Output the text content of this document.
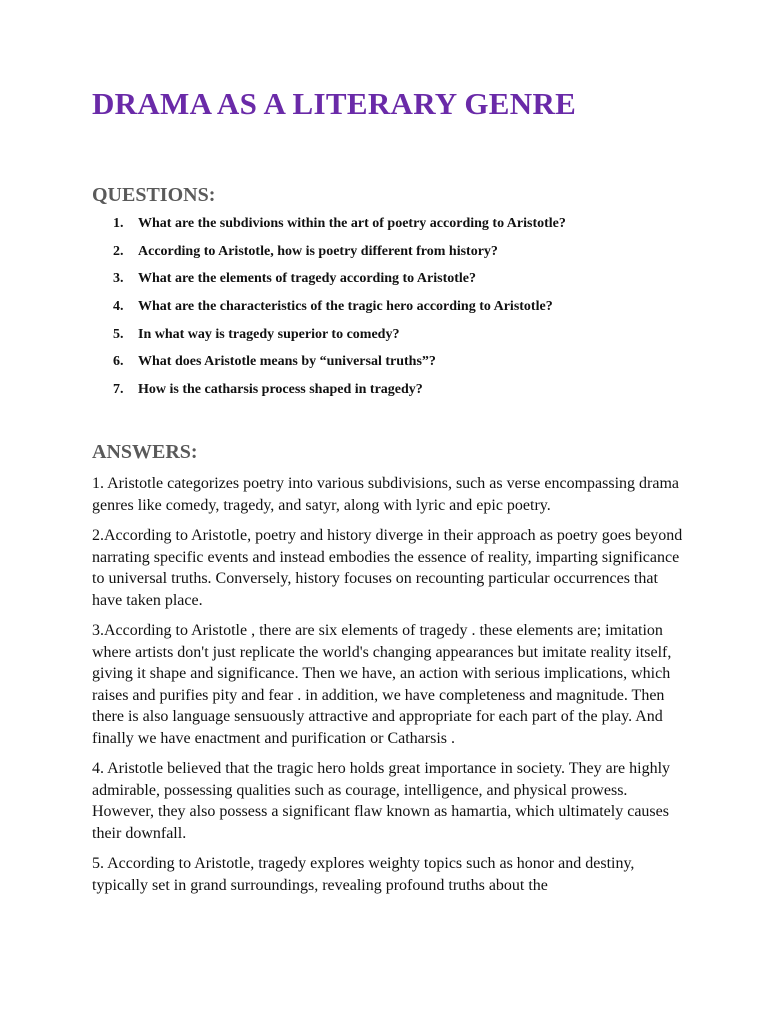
DRAMA AS A LITERARY GENRE
QUESTIONS:
1. What are the subdivions within the art of poetry according to Aristotle?
2. According to Aristotle, how is poetry different from history?
3. What are the elements of tragedy according to Aristotle?
4. What are the characteristics of the tragic hero according to Aristotle?
5. In what way is tragedy superior to comedy?
6. What does Aristotle means by “universal truths”?
7. How is the catharsis process shaped in tragedy?
ANSWERS:

1. Aristotle categorizes poetry into various subdivisions, such as verse encompassing drama genres like comedy, tragedy, and satyr, along with lyric and epic poetry.

2.According to Aristotle, poetry and history diverge in their approach as poetry goes beyond narrating specific events and instead embodies the essence of reality, imparting significance to universal truths. Conversely, history focuses on recounting particular occurrences that have taken place.

3.According to Aristotle , there are six elements of tragedy . these elements are; imitation where artists don't just replicate the world's changing appearances but imitate reality itself, giving it shape and significance. Then we have, an action with serious implications, which raises and purifies pity and fear . in addition, we have completeness and magnitude. Then there is also language sensuously attractive and appropriate for each part of the play. And finally we have enactment and purification or Catharsis .

4. Aristotle believed that the tragic hero holds great importance in society. They are highly admirable, possessing qualities such as courage, intelligence, and physical prowess. However, they also possess a significant flaw known as hamartia, which ultimately causes their downfall.

5. According to Aristotle, tragedy explores weighty topics such as honor and destiny, typically set in grand surroundings, revealing profound truths about the
